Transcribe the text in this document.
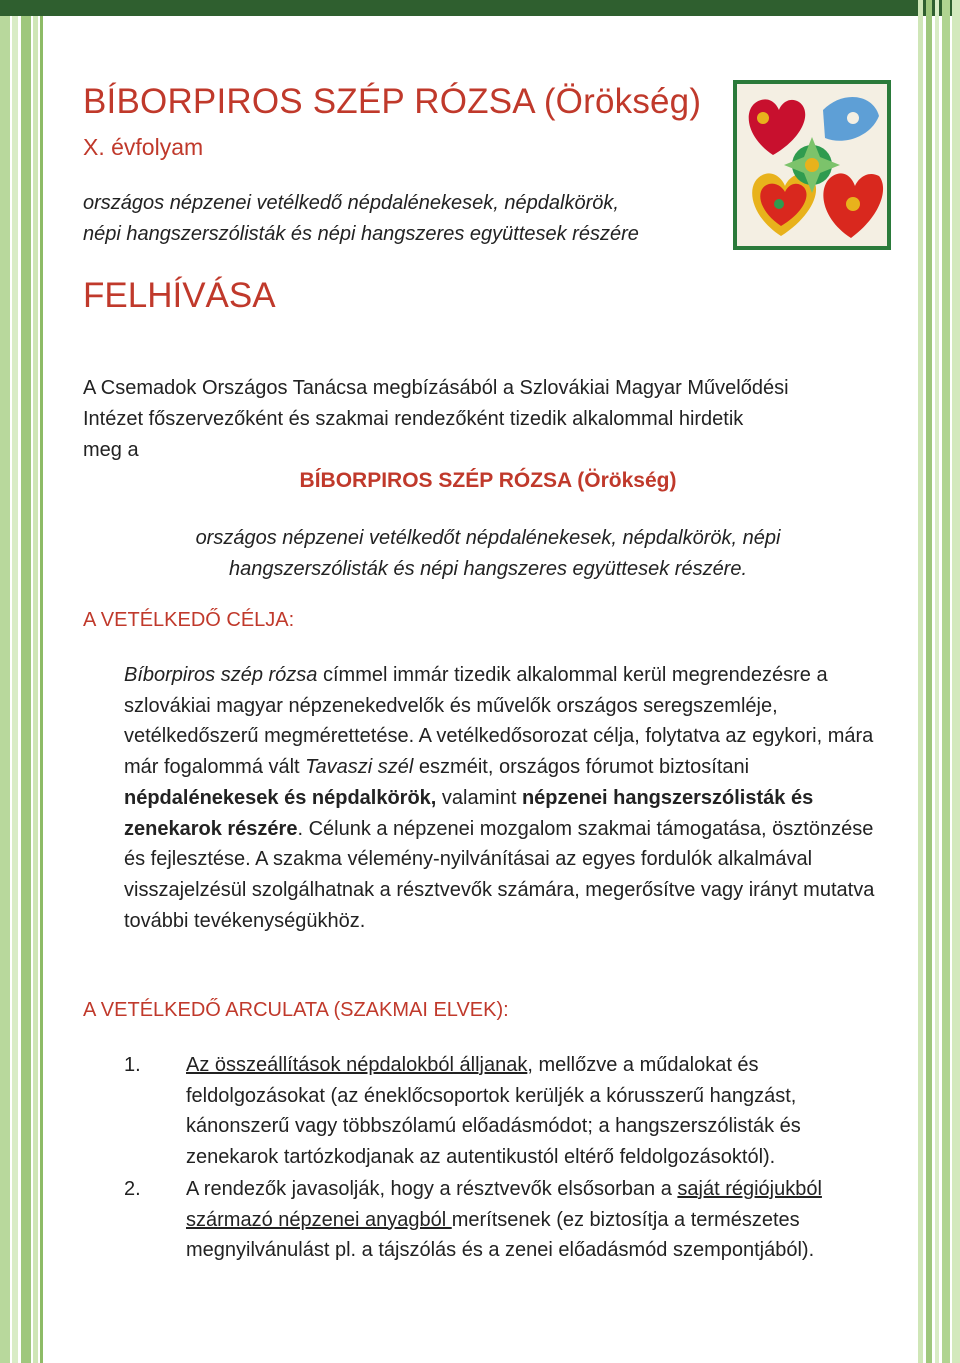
BÍBORPIROS SZÉP RÓZSA (Örökség)
X. évfolyam
országos népzenei vetélkedő népdalénekesek, népdalkörök,
népi hangszerszólisták és népi hangszeres együttesek részére
FELHÍVÁSA
A Csemadok Országos Tanácsa megbízásából a Szlovákiai Magyar Művelődési
Intézet főszervezőként és szakmai rendezőként tizedik alkalommal hirdetik
meg a
BÍBORPIROS SZÉP RÓZSA (Örökség)
országos népzenei vetélkedőt népdalénekesek, népdalkörök, népi
hangszerszólisták és népi hangszeres együttesek részére.
A VETÉLKEDŐ CÉLJA:
Bíborpiros szép rózsa címmel immár tizedik alkalommal kerül megrendezésre a szlovákiai magyar népzenekedvelők és művelők országos seregszemléje, vetélkedőszerű megmérettetése. A vetélkedősorozat célja, folytatva az egykori, mára már fogalommá vált Tavaszi szél eszméit, országos fórumot biztosítani népdalénekesek és népdalkörök, valamint népzenei hangszerszólisták és zenekarok részére. Célunk a népzenei mozgalom szakmai támogatása, ösztönzése és fejlesztése. A szakma vélemény-nyilvánításai az egyes fordulók alkalmával visszajelzésül szolgálhatnak a résztvevők számára, megerősítve vagy irányt mutatva további tevékenységükhöz.
A VETÉLKEDŐ ARCULATA (SZAKMAI ELVEK):

1. Az összeállítások népdalokból álljanak, mellőzve a műdalokat és feldolgozásokat (az éneklőcsoportok kerüljék a kórusszerű hangzást, kánonszerű vagy többszólamú előadásmódot; a hangszerszólisták és zenekarok tartózkodjanak az autentikustól eltérő feldolgozásoktól).

2. A rendezők javasolják, hogy a résztvevők elsősorban a saját régiójukból származó népzenei anyagból merítsenek (ez biztosítja a természetes megnyilvánulást pl. a tájszólás és a zenei előadásmód szempontjából).
